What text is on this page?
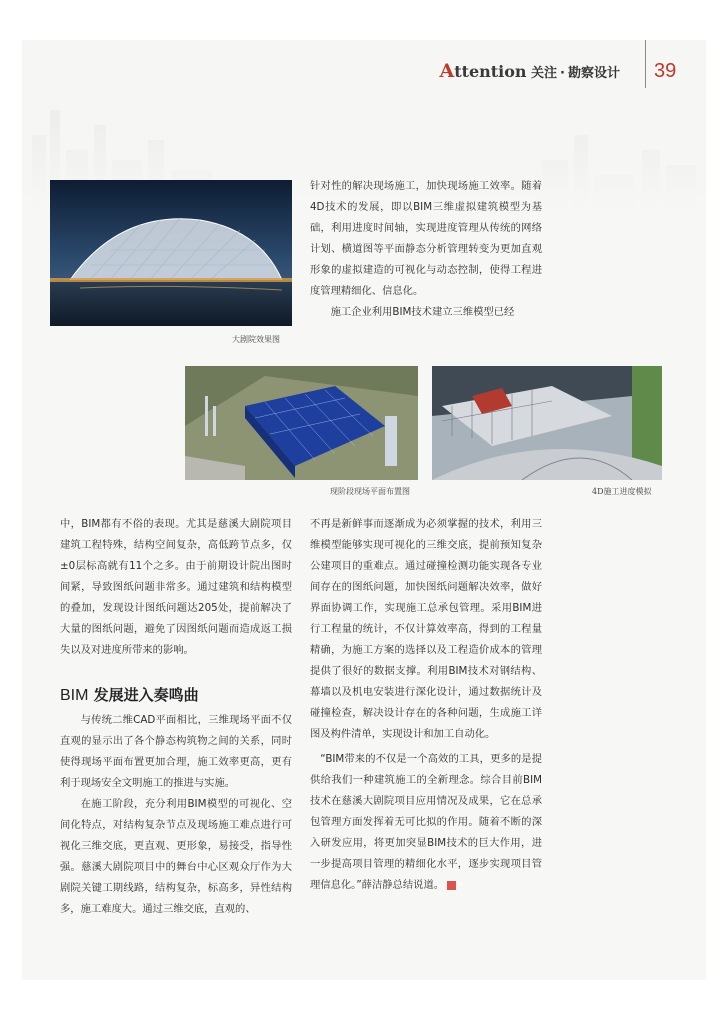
Attention 关注 · 勘察设计 39
大剧院效果图

针对性的解决现场施工，加快现场施工效率。随着4D技术的发展，即以BIM三维虚拟建筑模型为基础，利用进度时间轴，实现进度管理从传统的网络计划、横道图等平面静态分析管理转变为更加直观形象的虚拟建造的可视化与动态控制，使得工程进度管理精细化、信息化。

施工企业利用BIM技术建立三维模型已经

现阶段现场平面布置图	4D施工进度模拟

中，BIM都有不俗的表现。尤其是慈溪大剧院项目建筑工程特殊，结构空间复杂，高低跨节点多，仅±0层标高就有11个之多。由于前期设计院出图时间紧，导致图纸问题非常多。通过建筑和结构模型的叠加，发现设计图纸问题达205处，提前解决了大量的图纸问题，避免了因图纸问题而造成返工损失以及对进度所带来的影响。

BIM 发展进入奏鸣曲

与传统二维CAD平面相比，三维现场平面不仅直观的显示出了各个静态构筑物之间的关系，同时使得现场平面布置更加合理，施工效率更高，更有利于现场安全文明施工的推进与实施。

在施工阶段，充分利用BIM模型的可视化、空间化特点，对结构复杂节点及现场施工难点进行可视化三维交底，更直观、更形象，易接受，指导性强。慈溪大剧院项目中的舞台中心区观众厅作为大剧院关键工期线路，结构复杂，标高多，异性结构多，施工难度大。通过三维交底，直观的、

不再是新鲜事而逐渐成为必须掌握的技术，利用三维模型能够实现可视化的三维交底，提前预知复杂公建项目的重难点。通过碰撞检测功能实现各专业间存在的图纸问题，加快图纸问题解决效率，做好界面协调工作，实现施工总承包管理。采用BIM进行工程量的统计，不仅计算效率高，得到的工程量精确，为施工方案的选择以及工程造价成本的管理提供了很好的数据支撑。利用BIM技术对钢结构、幕墙以及机电安装进行深化设计，通过数据统计及碰撞检查，解决设计存在的各种问题，生成施工详图及构件清单，实现设计和加工自动化。

“BIM带来的不仅是一个高效的工具，更多的是提供给我们一种建筑施工的全新理念。综合目前BIM技术在慈溪大剧院项目应用情况及成果，它在总承包管理方面发挥着无可比拟的作用。随着不断的深入研发应用，将更加突显BIM技术的巨大作用，进一步提高项目管理的精细化水平，逐步实现项目管理信息化。”薛洁静总结说道。 R
